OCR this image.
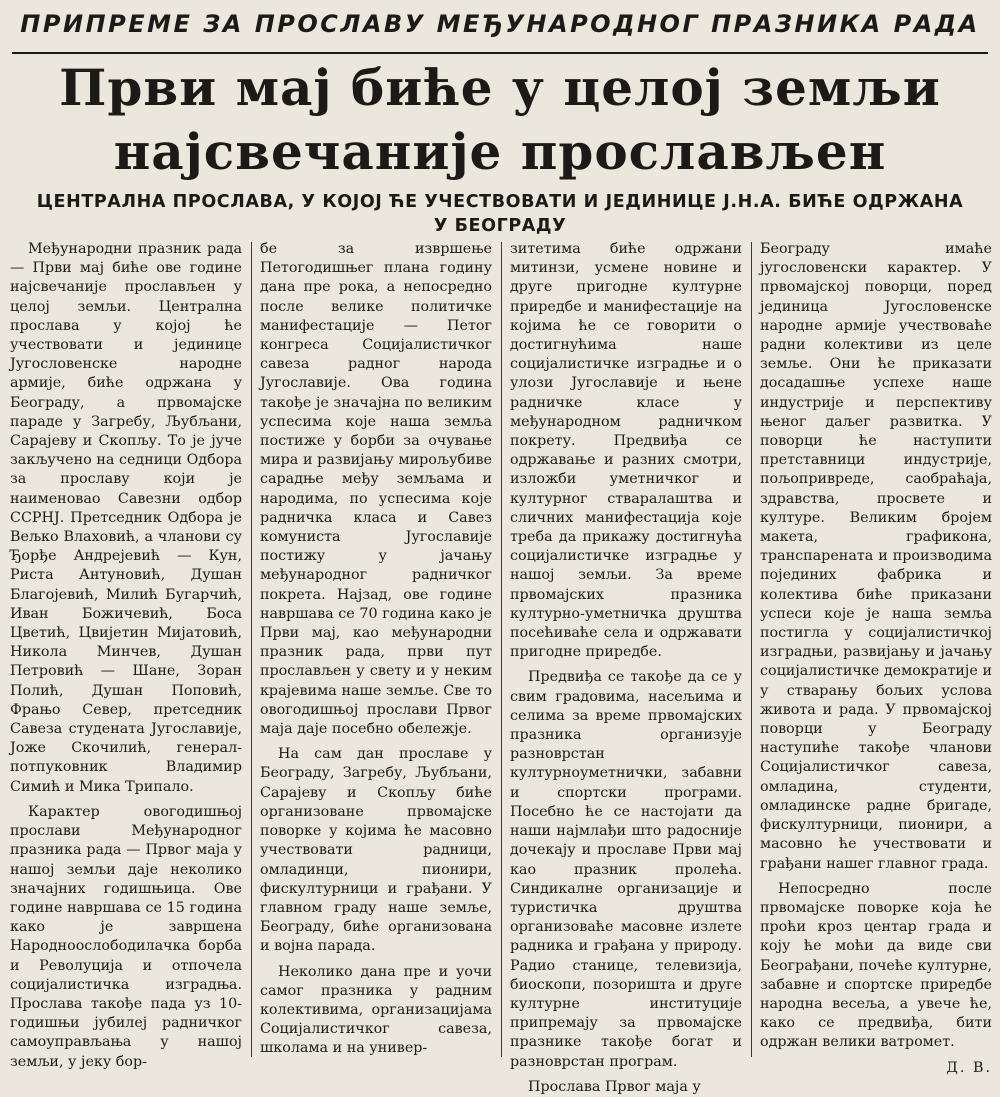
ПРИПРЕМЕ ЗА ПРОСЛАВУ МЕЂУНАРОДНОГ ПРАЗНИКА РАДА
Први мај биће у целој земљи
најсвечаније прослављен
ЦЕНТРАЛНА ПРОСЛАВА, У КОЈОЈ ЋЕ УЧЕСТВОВАТИ И ЈЕДИНИЦЕ Ј.Н.А. БИЋЕ ОДРЖАНА У БЕОГРАДУ

Међународни празник рада — Први мај биће ове године најсвечаније прослављен у целој земљи. Централна прослава у којој ће учествовати и јединице Југословенске народне армије, биће одржана у Београду, а првомајске параде у Загребу, Љубљани, Сарајеву и Скопљу. То је јуче закључено на седници Одбора за прославу који је наименовао Савезни одбор ССРНЈ. Претседник Одбора је Вељко Влаховић, а чланови су Ђорђе Андрејевић — Кун, Риста Антуновић, Душан Благојевић, Милић Бугарчић, Иван Божичевић, Боса Цветић, Цвијетин Мијатовић, Никола Минчев, Душан Петровић — Шане, Зоран Полић, Душан Поповић, Фрањо Север, претседник Савеза студената Југославије, Јоже Скочилић, генерал-потпуковник Владимир Симић и Мика Трипало.

Карактер овогодишњој прослави Међународног празника рада — Првог маја у нашој земљи даје неколико значајних годишњица. Ове године навршава се 15 година како је завршена Народноослободилачка борба и Револуција и отпочела социјалистичка изградња. Прослава такође пада уз 10-годишњи јубилеј радничког самоуправљања у нашој земљи, у јеку бор-

бе за извршење Петогодишњег плана годину дана пре рока, а непосредно после велике политичке манифестације — Петог конгреса Социјалистичког савеза радног народа Југославије. Ова година такође је значајна по великим успесима које наша земља постиже у борби за очување мира и развијању мирољубиве сарадње међу земљама и народима, по успесима које радничка класа и Савез комуниста Југославије постижу у јачању међународног радничког покрета. Најзад, ове године навршава се 70 година како је Први мај, као међународни празник рада, први пут прослављен у свету и у неким крајевима наше земље. Све то овогодишњој прослави Првог маја даје посебно обележје.

На сам дан прославе у Београду, Загребу, Љубљани, Сарајеву и Скопљу биће организоване првомајске поворке у којима ће масовно учествовати радници, омладинци, пионири, фискултурници и грађани. У главном граду наше земље, Београду, биће организована и војна парада.

Неколико дана пре и уочи самог празника у радним колективима, организацијама Социјалистичког савеза, школама и на универ-

зитетима биће одржани митинзи, усмене новине и друге пригодне културне приредбе и манифестације на којима ће се говорити о достигнућима наше социјалистичке изградње и о улози Југославије и њене радничке класе у међународном радничком покрету. Предвиђа се одржавање и разних смотри, изложби уметничког и културног стваралаштва и сличних манифестација које треба да прикажу достигнућа социјалистичке изградње у нашој земљи. За време првомајских празника културно-уметничка друштва посећиваће села и одржавати пригодне приредбе.

Предвиђа се такође да се у свим градовима, насељима и селима за време првомајских празника организује разноврстан културноуметнички, забавни и спортски програми. Посебно ће се настојати да наши најмлађи што радосније дочекају и прославе Први мај као празник пролећа. Синдикалне организације и туристичка друштва организоваће масовне излете радника и грађана у природу. Радио станице, телевизија, биоскопи, позоришта и друге културне институције припремају за првомајске празнике такође богат и разноврстан програм.

Прослава Првог маја у

Београду имаће југословенски карактер. У првомајској поворци, поред јединица Југословенске народне армије учествоваће радни колективи из целе земље. Они ће приказати досадашње успехе наше индустрије и перспективу њеног даљег развитка. У поворци ће наступити претставници индустрије, пољопривреде, саобраћаја, здравства, просвете и културе. Великим бројем макета, графикона, транспарената и производима појединих фабрика и колектива биће приказани успеси које је наша земља постигла у социјалистичкој изградњи, развијању и јачању социјалистичке демократије и у стварању бољих услова живота и рада. У првомајској поворци у Београду наступиће такође чланови Социјалистичког савеза, омладина, студенти, омладинске радне бригаде, фискултурници, пионири, а масовно ће учествовати и грађани нашег главног града.

Непосредно после првомајске поворке која ће проћи кроз центар града и коју ће моћи да виде сви Београђани, почеће културне, забавне и спортске приредбе народна весеља, а увече ће, како се предвиђа, бити одржан велики ватромет.

Д. В.
